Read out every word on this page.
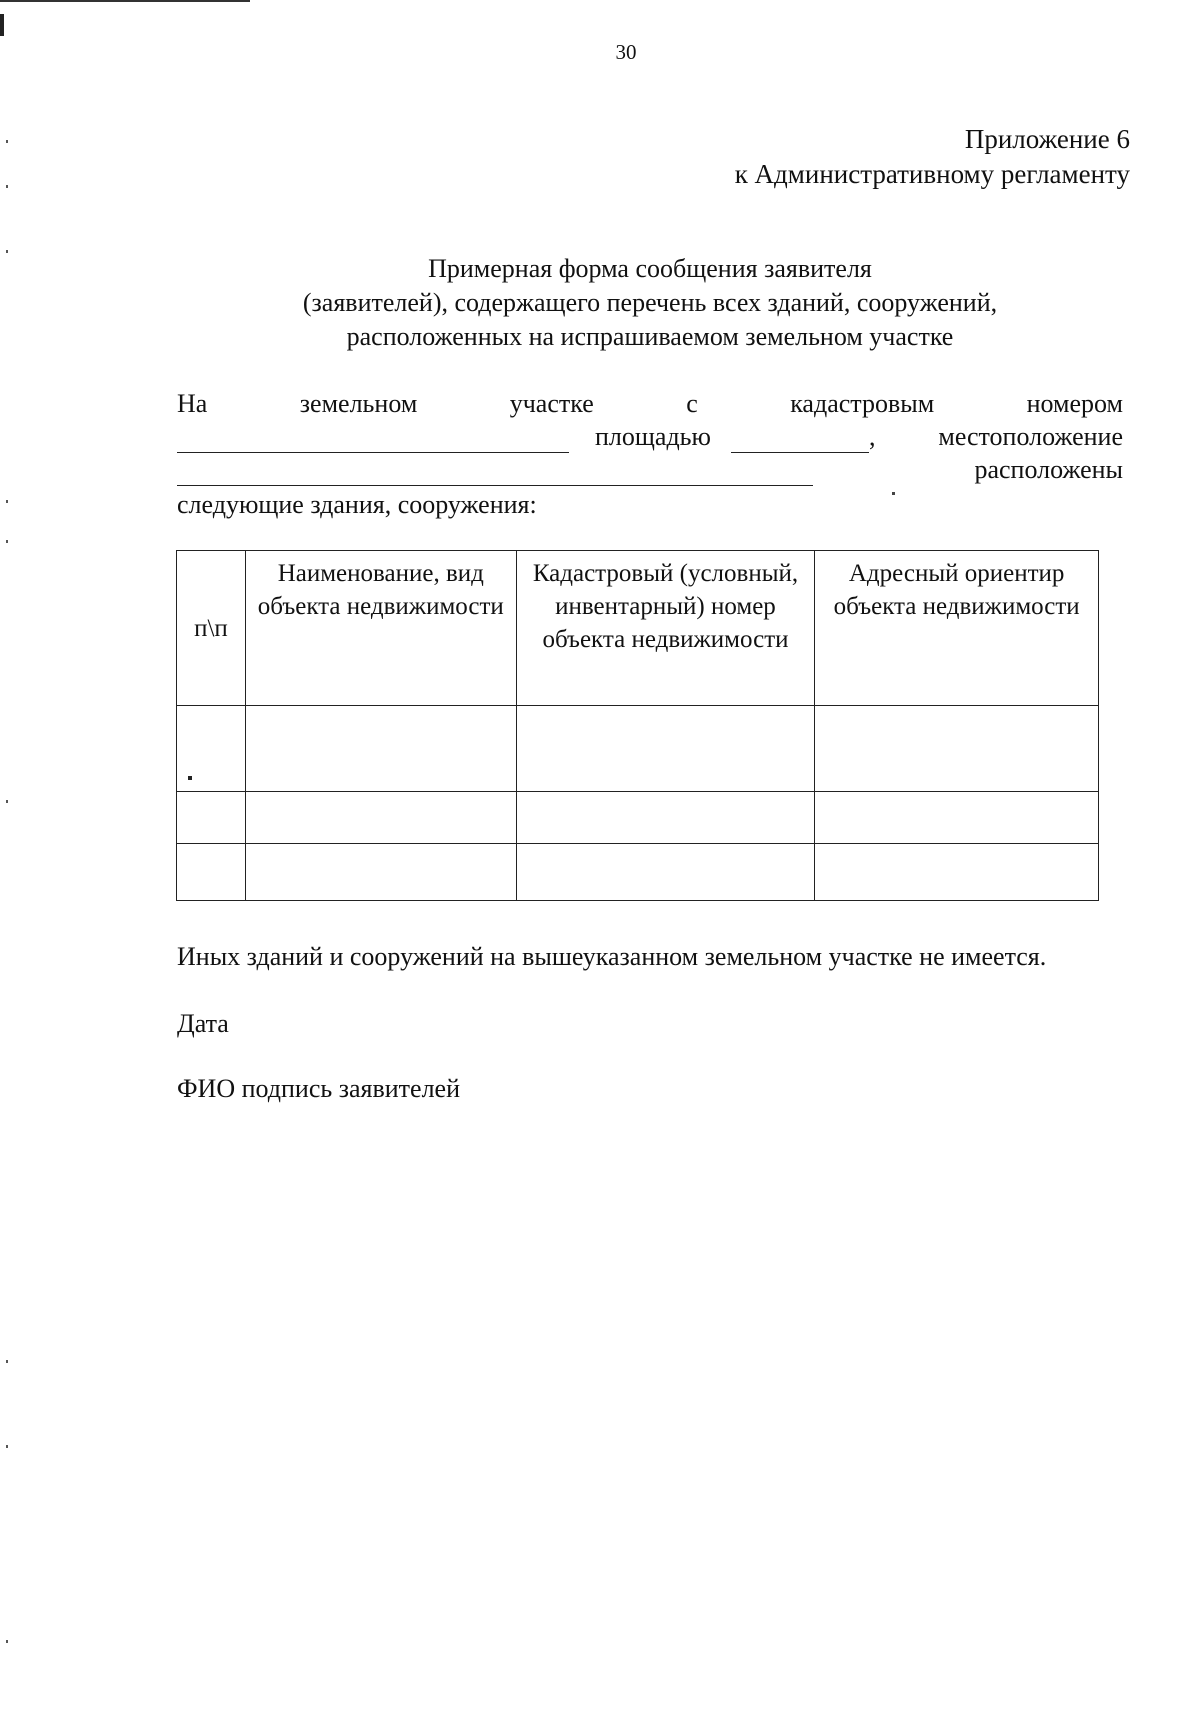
30
Приложение 6
к Административному регламенту
Примерная форма сообщения заявителя
(заявителей), содержащего перечень всех зданий, сооружений,
расположенных на испрашиваемом земельном участке
На	земельном	участке	с	кадастровым	номером
площадью	, местоположение
расположены
следующие здания, сооружения:
п\п	Наименование, вид объекта недвижимости	Кадастровый (условный, инвентарный) номер объекта недвижимости	Адресный ориентир объекта недвижимости

Иных зданий и сооружений на вышеуказанном земельном участке не имеется.
Дата
ФИО подпись заявителей
